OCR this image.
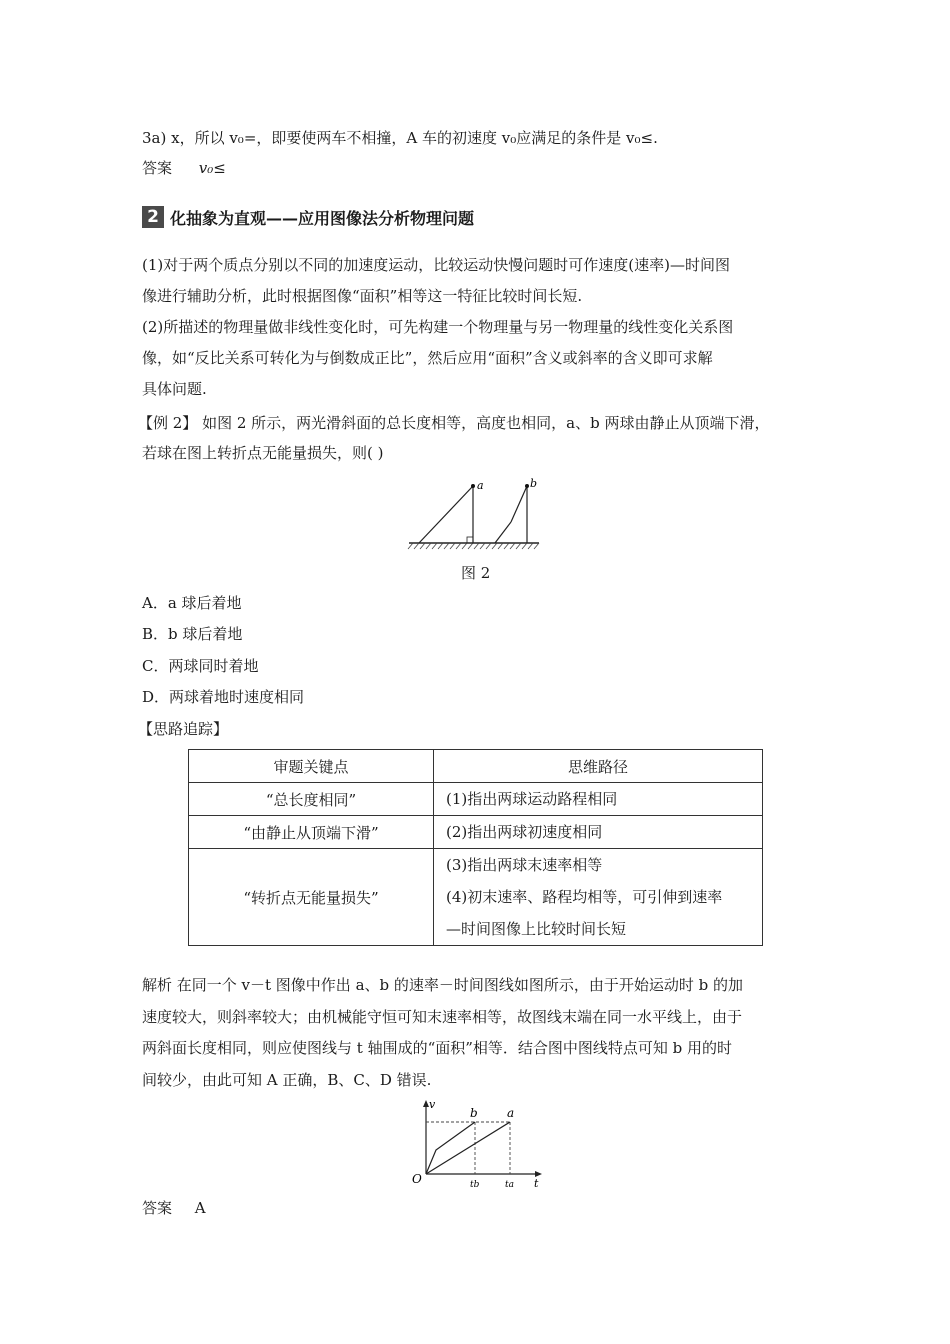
3a) x，所以 v₀=，即要使两车不相撞，A 车的初速度 v₀应满足的条件是 v₀≤.
答案 v₀≤
2 化抽象为直观——应用图像法分析物理问题
(1)对于两个质点分别以不同的加速度运动，比较运动快慢问题时可作速度(速率)—时间图
像进行辅助分析，此时根据图像“面积”相等这一特征比较时间长短.
(2)所描述的物理量做非线性变化时，可先构建一个物理量与另一物理量的线性变化关系图
像，如“反比关系可转化为与倒数成正比”，然后应用“面积”含义或斜率的含义即可求解
具体问题.
【例 2】 如图 2 所示，两光滑斜面的总长度相等，高度也相同，a、b 两球由静止从顶端下滑，
若球在图上转折点无能量损失，则( )
a	b
图 2
A．a 球后着地
B．b 球后着地
C．两球同时着地
D．两球着地时速度相同
【思路追踪】
审题关键点	思维路径
“总长度相同”	(1)指出两球运动路程相同

“由静止从顶端下滑”	(2)指出两球初速度相同

“转折点无能量损失”	(3)指出两球末速率相等
(4)初末速率、路程均相等，可引伸到速率
—时间图像上比较时间长短
解析 在同一个 v－t 图像中作出 a、b 的速率－时间图线如图所示，由于开始运动时 b 的加
速度较大，则斜率较大；由机械能守恒可知末速率相等，故图线末端在同一水平线上，由于
两斜面长度相同，则应使图线与 t 轴围成的“面积”相等．结合图中图线特点可知 b 用的时
间较少，由此可知 A 正确，B、C、D 错误.
v
t
O
b a
tb	ta
答案 A
